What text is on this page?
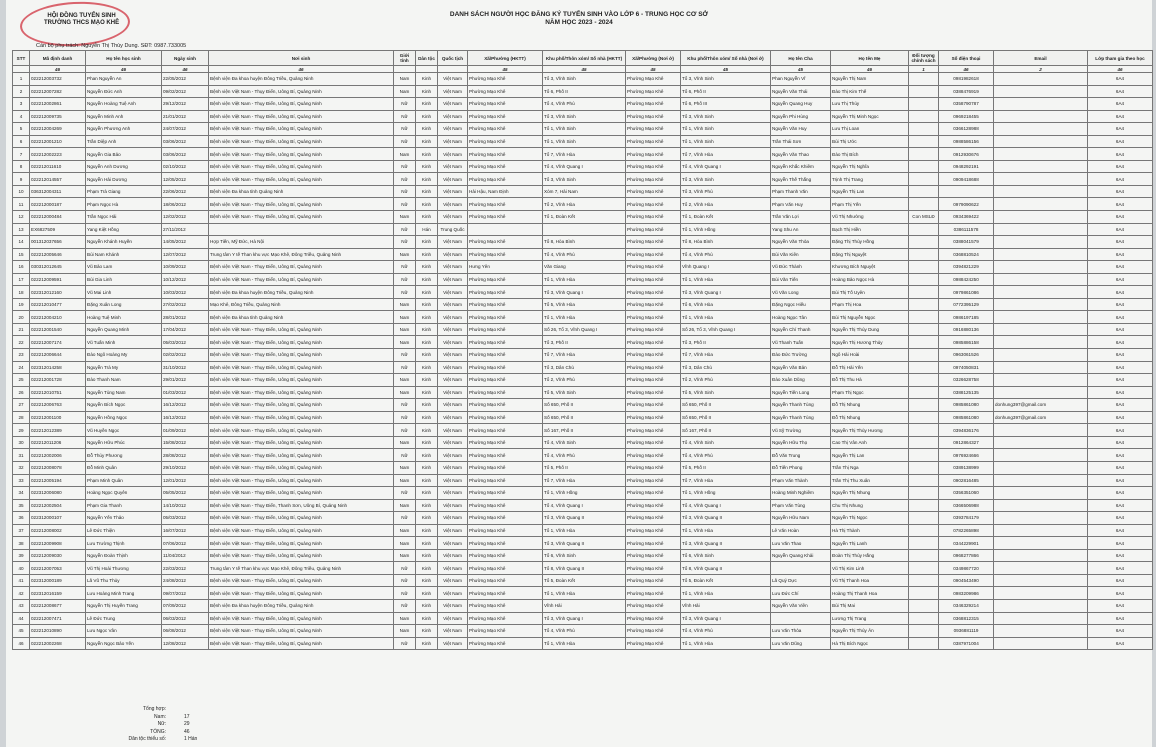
HỘI ĐỒNG TUYỂN SINH
TRƯỜNG THCS MẠO KHÊ
Cán bộ phụ trách: Nguyễn Thị Thùy Dung. SĐT: 0987.733005
DANH SÁCH NGƯỜI HỌC ĐĂNG KÝ TUYỂN SINH VÀO LỚP 6 - TRUNG HỌC CƠ SỞ
NĂM HỌC 2023 - 2024
STT	Mã định danh	Họ tên học sinh	Ngày sinh	Nơi sinh	Giới tính	Dân tộc	Quốc tịch	Xã/Phường (HKTT)	Khu phố/Thôn xóm/ Số nhà (HKTT)	Xã/Phường (Nơi ở)	Khu phố/Thôn xóm/ Số nhà (Nơi ở)	Họ tên Cha	Họ tên Mẹ	Đối tượng chính sách	Số điện thoại	Email	Lớp tham gia theo học
	46	46	46	46				45	45	45	45	45	46	1	46	2	46
1	022212003732	Phan Nguyễn An	22/05/2012	Bệnh viện Đa khoa huyện Đông Triều, Quảng Ninh	Nam	Kinh	Việt Nam	Phường Mạo Khê	Tổ 3, Vĩnh Sinh	Phường Mạo Khê	Tổ 3, Vĩnh Sinh	Phan Nguyễn Vĩ	Nguyễn Thị Nam		0981982618		6A4
2	022212007282	Nguyễn Đức Anh	09/02/2012	Bệnh viện Việt Nam - Thụy Điển, Uông Bí, Quảng Ninh	Nam	Kinh	Việt Nam	Phường Mạo Khê	Tổ 6, Phố II	Phường Mạo Khê	Tổ 6, Phố II	Nguyễn Văn Thái	Đào Thị Kim Thế		0388476919		6A4
3	022212002861	Nguyễn Hoàng Tuệ Anh	29/12/2012	Bệnh viện Việt Nam - Thụy Điển, Uông Bí, Quảng Ninh	Nữ	Kinh	Việt Nam	Phường Mạo Khê	Tổ 4, Vĩnh Phú	Phường Mạo Khê	Tổ 6, Phố III	Nguyễn Quang Huy	Lưu Thị Thúy		0358790787		6A4
4	022212009735	Nguyễn Minh Anh	21/01/2012	Bệnh viện Việt Nam - Thụy Điển, Uông Bí, Quảng Ninh	Nữ	Kinh	Việt Nam	Phường Mạo Khê	Tổ 3, Vĩnh Sinh	Phường Mạo Khê	Tổ 3, Vĩnh Sinh	Nguyễn Phi Hùng	Nguyễn Thị Minh Ngọc		0969218455		6A4
5	022212004269	Nguyễn Phương Anh	24/07/2012	Bệnh viện Việt Nam - Thụy Điển, Uông Bí, Quảng Ninh	Nữ	Kinh	Việt Nam	Phường Mạo Khê	Tổ 1, Vĩnh Sinh	Phường Mạo Khê	Tổ 1, Vĩnh Sinh	Nguyễn Văn Huy	Lưu Thị Loan		0366128988		6A4
6	022212001210	Trần Diệp Anh	03/06/2012	Bệnh viện Việt Nam - Thụy Điển, Uông Bí, Quảng Ninh	Nữ	Kinh	Việt Nam	Phường Mạo Khê	Tổ 1, Vĩnh Sinh	Phường Mạo Khê	Tổ 1, Vĩnh Sinh	Trần Thái Sơn	Bùi Thị Ước		0988586156		6A4
7	022212002223	Nguyễn Gia Bảo	03/06/2012	Bệnh viện Việt Nam - Thụy Điển, Uông Bí, Quảng Ninh	Nam	Kinh	Việt Nam	Phường Mạo Khê	Tổ 7, Vĩnh Hòa	Phường Mạo Khê	Tổ 7, Vĩnh Hòa	Nguyễn Văn Thao	Đào Thị Bích		0912930676		6A4
8	022212011610	Nguyễn Anh Dương	02/10/2012	Bệnh viện Việt Nam - Thụy Điển, Uông Bí, Quảng Ninh	Nữ	Kinh	Việt Nam	Phường Mạo Khê	Tổ 4, Vĩnh Quang I	Phường Mạo Khê	Tổ 4, Vĩnh Quang I	Nguyễn Khắc Khiêm	Nguyễn Thị Nghĩa		0948292191		6A4
9	022212014557	Nguyễn Hải Dương	12/05/2012	Bệnh viện Việt Nam - Thụy Điển, Uông Bí, Quảng Ninh	Nữ	Kinh	Việt Nam	Phường Mạo Khê	Tổ 3, Vĩnh Sinh	Phường Mạo Khê	Tổ 3, Vĩnh Sinh	Nguyễn Thế Thắng	Trịnh Thị Trang		0909418688		6A4
10	036312004311	Phạm Trà Giang	22/06/2012	Bệnh viện Đa khoa tỉnh Quảng Ninh	Nữ	Kinh	Việt Nam	Hải Hậu, Nam Định	Xóm 7, Hải Nam	Phường Mạo Khê	Tổ 3, Vĩnh Phú	Phạm Thanh Văn	Nguyễn Thị Lan				6A4
11	022212000187	Phạm Ngọc Hà	18/06/2012	Bệnh viện Việt Nam - Thụy Điển, Uông Bí, Quảng Ninh	Nữ	Kinh	Việt Nam	Phường Mạo Khê	Tổ 2, Vĩnh Hòa	Phường Mạo Khê	Tổ 2, Vĩnh Hòa	Phạm Văn Huy	Phạm Thị Yến		0979090622		6A4
12	022212000484	Trần Ngọc Hải	12/02/2012	Bệnh viện Việt Nam - Thụy Điển, Uông Bí, Quảng Ninh	Nam	Kinh	Việt Nam	Phường Mạo Khê	Tổ 1, Đoàn Kết	Phường Mạo Khê	Tổ 1, Đoàn Kết	Trần Văn Lợi	Vũ Thị Nhường	Con MSLĐ	0934369422		6A4
13	EX6827509	Yang Kiệt Hồng	27/11/2012		Nữ	Hán	Trung Quốc			Phường Mạo Khê	Tổ 1, Vĩnh Hồng	Yang Shu An	Bạch Thị Hiền		0386111578		6A4
14	001312037656	Nguyễn Khánh Huyền	14/05/2012	Hợp Tiến, Mỹ Đức, Hà Nội	Nữ	Kinh	Việt Nam	Phường Mạo Khê	Tổ 8, Hòa Bình	Phường Mạo Khê	Tổ 8, Hòa Bình	Nguyễn Văn Thỏa	Đặng Thị Thúy Hồng		0388041579		6A4
15	022212005646	Bùi Nam Khánh	12/07/2012	Trung tâm Y tế Than khu vực Mạo Khê, Đông Triều, Quảng Ninh	Nam	Kinh	Việt Nam	Phường Mạo Khê	Tổ 4, Vĩnh Phú	Phường Mạo Khê	Tổ 4, Vĩnh Phú	Bùi Văn Kiên	Đặng Thị Nguyệt		0368810524		6A4
16	030312012645	Vũ Bảo Lam	10/09/2012	Bệnh viện Việt Nam - Thụy Điển, Uông Bí, Quảng Ninh	Nữ	Kinh	Việt Nam	Hưng Yên	Văn Giang	Phường Mạo Khê	Vĩnh Quang I	Vũ Đức Thành	Khương Bích Nguyệt		0394821229		6A4
17	022212009591	Bùi Gia Linh	10/12/2012	Bệnh viện Việt Nam - Thụy Điển, Uông Bí, Quảng Ninh	Nữ	Kinh	Việt Nam	Phường Mạo Khê	Tổ 1, Vĩnh Hòa	Phường Mạo Khê	Tổ 1, Vĩnh Hòa	Bùi Văn Tiến	Hoàng Bảo Ngọc Hà		0988424250		6A4
18	022312012160	Vũ Mai Linh	10/03/2012	Bệnh viện Đa khoa huyện Đông Triều, Quảng Ninh	Nữ	Kinh	Việt Nam	Phường Mạo Khê	Tổ 3, Vĩnh Quang I	Phường Mạo Khê	Tổ 3, Vĩnh Quang I	Vũ Văn Long	Bùi Thị Tố Uyên		0979861086		6A4
19	022212010477	Đặng Xuân Long	27/02/2012	Mạo Khê, Đông Triều, Quảng Ninh	Nam	Kinh	Việt Nam	Phường Mạo Khê	Tổ 5, Vĩnh Hòa	Phường Mạo Khê	Tổ 6, Vĩnh Hòa	Đặng Ngọc Hiếu	Phạm Thị Hoa		0772395129		6A4
20	022212004210	Hoàng Tuệ Minh	28/01/2012	Bệnh viện Đa khoa tỉnh Quảng Ninh	Nam	Kinh	Việt Nam	Phường Mạo Khê	Tổ 1, Vĩnh Hòa	Phường Mạo Khê	Tổ 1, Vĩnh Hòa	Hoàng Ngọc Tân	Bùi Thị Nguyễn Ngọc		0986197185		6A4
21	022212001540	Nguyễn Quang Minh	17/04/2012	Bệnh viện Việt Nam - Thụy Điển, Uông Bí, Quảng Ninh	Nam	Kinh	Việt Nam	Phường Mạo Khê	Số 26, Tổ 3, Vĩnh Quang I	Phường Mạo Khê	Số 26, Tổ 3, Vĩnh Quang I	Nguyễn Chí Thanh	Nguyễn Thị Thúy Dung		0916880136		6A4
22	022212007174	Vũ Tuấn Minh	05/03/2012	Bệnh viện Việt Nam - Thụy Điển, Uông Bí, Quảng Ninh	Nam	Kinh	Việt Nam	Phường Mạo Khê	Tổ 3, Phố II	Phường Mạo Khê	Tổ 3, Phố II	Vũ Thanh Tuấn	Nguyễn Thị Hương Thủy		0985886158		6A4
23	022212006644	Đào Ngô Hoàng My	02/02/2012	Bệnh viện Việt Nam - Thụy Điển, Uông Bí, Quảng Ninh	Nữ	Kinh	Việt Nam	Phường Mạo Khê	Tổ 7, Vĩnh Hòa	Phường Mạo Khê	Tổ 7, Vĩnh Hòa	Đào Đức Trường	Ngô Hải Hoài		0963061526		6A4
24	022312014258	Nguyễn Trà My	31/10/2012	Bệnh viện Việt Nam - Thụy Điển, Uông Bí, Quảng Ninh	Nữ	Kinh	Việt Nam	Phường Mạo Khê	Tổ 3, Dân Chủ	Phường Mạo Khê	Tổ 3, Dân Chủ	Nguyễn Văn Bản	Đỗ Thị Hải Yến		0974050831		6A4
25	022212001728	Đào Thanh Nam	29/01/2012	Bệnh viện Việt Nam - Thụy Điển, Uông Bí, Quảng Ninh	Nam	Kinh	Việt Nam	Phường Mạo Khê	Tổ 2, Vĩnh Phú	Phường Mạo Khê	Tổ 2, Vĩnh Phú	Đào Xuân Dũng	Đỗ Thị Thu Hà		0326628758		6A4
26	022212010751	Nguyễn Tùng Nam	01/03/2012	Bệnh viện Việt Nam - Thụy Điển, Uông Bí, Quảng Ninh	Nam	Kinh	Việt Nam	Phường Mạo Khê	Tổ 5, Vĩnh Sinh	Phường Mạo Khê	Tổ 5, Vĩnh Sinh	Nguyễn Tiến Long	Phạm Thị Ngọc		0388125135		6A4
27	022212006763	Nguyễn Bích Ngọc	16/12/2012	Bệnh viện Việt Nam - Thụy Điển, Uông Bí, Quảng Ninh	Nữ	Kinh	Việt Nam	Phường Mạo Khê	Số 650, Phố II	Phường Mạo Khê	Số 650, Phố II	Nguyễn Thanh Tùng	Đỗ Thị Nhung		0985861080	donhung397@gmail.com	6A4
28	022212001100	Nguyễn Hồng Ngọc	16/12/2012	Bệnh viện Việt Nam - Thụy Điển, Uông Bí, Quảng Ninh	Nữ	Kinh	Việt Nam	Phường Mạo Khê	Số 650, Phố II	Phường Mạo Khê	Số 650, Phố II	Nguyễn Thanh Tùng	Đỗ Thị Nhung		0985861080	donhung397@gmail.com	6A4
29	022212012389	Vũ Huyền Ngọc	01/09/2012	Bệnh viện Việt Nam - Thụy Điển, Uông Bí, Quảng Ninh	Nữ	Kinh	Việt Nam	Phường Mạo Khê	Số 167, Phố II	Phường Mạo Khê	Số 167, Phố II	Vũ Sỹ Trường	Nguyễn Thị Thủy Hương		0394836176		6A4
30	022212011206	Nguyễn Hữu Phúc	15/08/2012	Bệnh viện Việt Nam - Thụy Điển, Uông Bí, Quảng Ninh	Nam	Kinh	Việt Nam	Phường Mạo Khê	Tổ 4, Vĩnh Sinh	Phường Mạo Khê	Tổ 4, Vĩnh Sinh	Nguyễn Hữu Thọ	Cao Thị Vân Anh		0912864327		6A4
31	022212002006	Đỗ Thúy Phương	28/08/2012	Bệnh viện Việt Nam - Thụy Điển, Uông Bí, Quảng Ninh	Nữ	Kinh	Việt Nam	Phường Mạo Khê	Tổ 4, Vĩnh Phú	Phường Mạo Khê	Tổ 4, Vĩnh Phú	Đỗ Văn Trung	Nguyễn Thị Lan		0976924666		6A4
32	022212008078	Đỗ Minh Quân	29/10/2012	Bệnh viện Việt Nam - Thụy Điển, Uông Bí, Quảng Ninh	Nam	Kinh	Việt Nam	Phường Mạo Khê	Tổ 5, Phố II	Phường Mạo Khê	Tổ 5, Phố II	Đỗ Tiến Phong	Trần Thị Nga		0389138999		6A4
33	022212005194	Phạm Minh Quân	12/01/2012	Bệnh viện Việt Nam - Thụy Điển, Uông Bí, Quảng Ninh	Nam	Kinh	Việt Nam	Phường Mạo Khê	Tổ 7, Vĩnh Hòa	Phường Mạo Khê	Tổ 7, Vĩnh Hòa	Phạm Văn Thành	Trần Thị Thu Xuân		0902816485		6A4
34	022312006080	Hoàng Ngọc Quyên	05/05/2012	Bệnh viện Việt Nam - Thụy Điển, Uông Bí, Quảng Ninh	Nữ	Kinh	Việt Nam	Phường Mạo Khê	Tổ 1, Vĩnh Hồng	Phường Mạo Khê	Tổ 1, Vĩnh Hồng	Hoàng Minh Nghiêm	Nguyễn Thị Nhung		0356351060		6A4
35	022212002504	Phạm Gia Thanh	14/10/2012	Bệnh viện Việt Nam - Thụy Điển, Thanh Sơn, Uông Bí, Quảng Ninh	Nam	Kinh	Việt Nam	Phường Mạo Khê	Tổ 4, Vĩnh Quang I	Phường Mạo Khê	Tổ 4, Vĩnh Quang I	Phạm Văn Tùng	Chu Thị Nhung		0366506988		6A4
36	022312000107	Nguyễn Yến Thảo	05/03/2012	Bệnh viện Việt Nam - Thụy Điển, Uông Bí, Quảng Ninh	Nữ	Kinh	Việt Nam	Phường Mạo Khê	Tổ 3, Vĩnh Quang II	Phường Mạo Khê	Tổ 3, Vĩnh Quang II	Nguyễn Hữu Nam	Nguyễn Thị Ngọc		0393784179		6A4
37	022212008002	Lê Đức Thiện	16/07/2012	Bệnh viện Việt Nam - Thụy Điển, Uông Bí, Quảng Ninh	Nam	Kinh	Việt Nam	Phường Mạo Khê	Tổ 1, Vĩnh Hòa	Phường Mạo Khê	Tổ 1, Vĩnh Hòa	Lê Văn Hoàn	Hà Thị Thành		0782265898		6A4
38	022212009908	Lưu Trường Thịnh	07/06/2012	Bệnh viện Việt Nam - Thụy Điển, Uông Bí, Quảng Ninh	Nam	Kinh	Việt Nam	Phường Mạo Khê	Tổ 3, Vĩnh Quang II	Phường Mạo Khê	Tổ 3, Vĩnh Quang II	Lưu Văn Thao	Nguyễn Thị Lanh		0344229901		6A4
39	022212009030	Nguyễn Đoàn Thịnh	11/04/2012	Bệnh viện Việt Nam - Thụy Điển, Uông Bí, Quảng Ninh	Nam	Kinh	Việt Nam	Phường Mạo Khê	Tổ 6, Vĩnh Sinh	Phường Mạo Khê	Tổ 6, Vĩnh Sinh	Nguyễn Quang Khải	Đoàn Thị Thúy Hằng		0968277866		6A4
40	022212007053	Vũ Thị Hoài Thương	22/03/2012	Trung tâm Y tế Than khu vực Mạo Khê, Đông Triều, Quảng Ninh	Nữ	Kinh	Việt Nam	Phường Mạo Khê	Tổ 8, Vĩnh Quang II	Phường Mạo Khê	Tổ 8, Vĩnh Quang II		Vũ Thị Kim Linh		0349867720		6A4
41	022312000189	Lã Vũ Thu Thủy	24/08/2012	Bệnh viện Việt Nam - Thụy Điển, Uông Bí, Quảng Ninh	Nữ	Kinh	Việt Nam	Phường Mạo Khê	Tổ 5, Đoàn Kết	Phường Mạo Khê	Tổ 5, Đoàn Kết	Lã Quý Dực	Vũ Thị Thanh Hoa		0904543490		6A4
42	022312016159	Lưu Hoàng Minh Trang	09/07/2012	Bệnh viện Việt Nam - Thụy Điển, Uông Bí, Quảng Ninh	Nữ	Kinh	Việt Nam	Phường Mạo Khê	Tổ 1, Vĩnh Hòa	Phường Mạo Khê	Tổ 1, Vĩnh Hòa	Lưu Đức Chí	Hoàng Thị Thanh Hoa		0983209986		6A4
43	022212008677	Nguyễn Thị Huyền Trang	07/09/2012	Bệnh viện Đa khoa huyện Đông Triều, Quảng Ninh	Nữ	Kinh	Việt Nam	Phường Mạo Khê	Vĩnh Hải	Phường Mạo Khê	Vĩnh Hải	Nguyễn Văn Viên	Bùi Thị Mai		0346329214		6A4
44	022212007471	Lê Đức Trung	06/03/2012	Bệnh viện Việt Nam - Thụy Điển, Uông Bí, Quảng Ninh	Nam	Kinh	Việt Nam	Phường Mạo Khê	Tổ 3, Vĩnh Quang I	Phường Mạo Khê	Tổ 3, Vĩnh Quang I		Lương Thị Trang		0368812315		6A4
45	022212010890	Lưu Ngọc Vân	06/08/2012	Bệnh viện Việt Nam - Thụy Điển, Uông Bí, Quảng Ninh	Nam	Kinh	Việt Nam	Phường Mạo Khê	Tổ 4, Vĩnh Phú	Phường Mạo Khê	Tổ 4, Vĩnh Phú	Lưu Văn Thỏa	Nguyễn Thị Thúy Ân		0936881119		6A4
46	022212002268	Nguyễn Ngọc Bảo Yến	12/08/2012	Bệnh viện Việt Nam - Thụy Điển, Uông Bí, Quảng Ninh	Nữ	Kinh	Việt Nam	Phường Mạo Khê	Tổ 1, Vĩnh Hòa	Phường Mạo Khê	Tổ 1, Vĩnh Hòa	Lưu Văn Dũng	Hà Thị Bích Ngọc		0387971004		6A4
Tổng hợp:
Nam:	17
Nữ:	29
TỔNG:	46
Dân tộc thiểu số:	1 Hán
